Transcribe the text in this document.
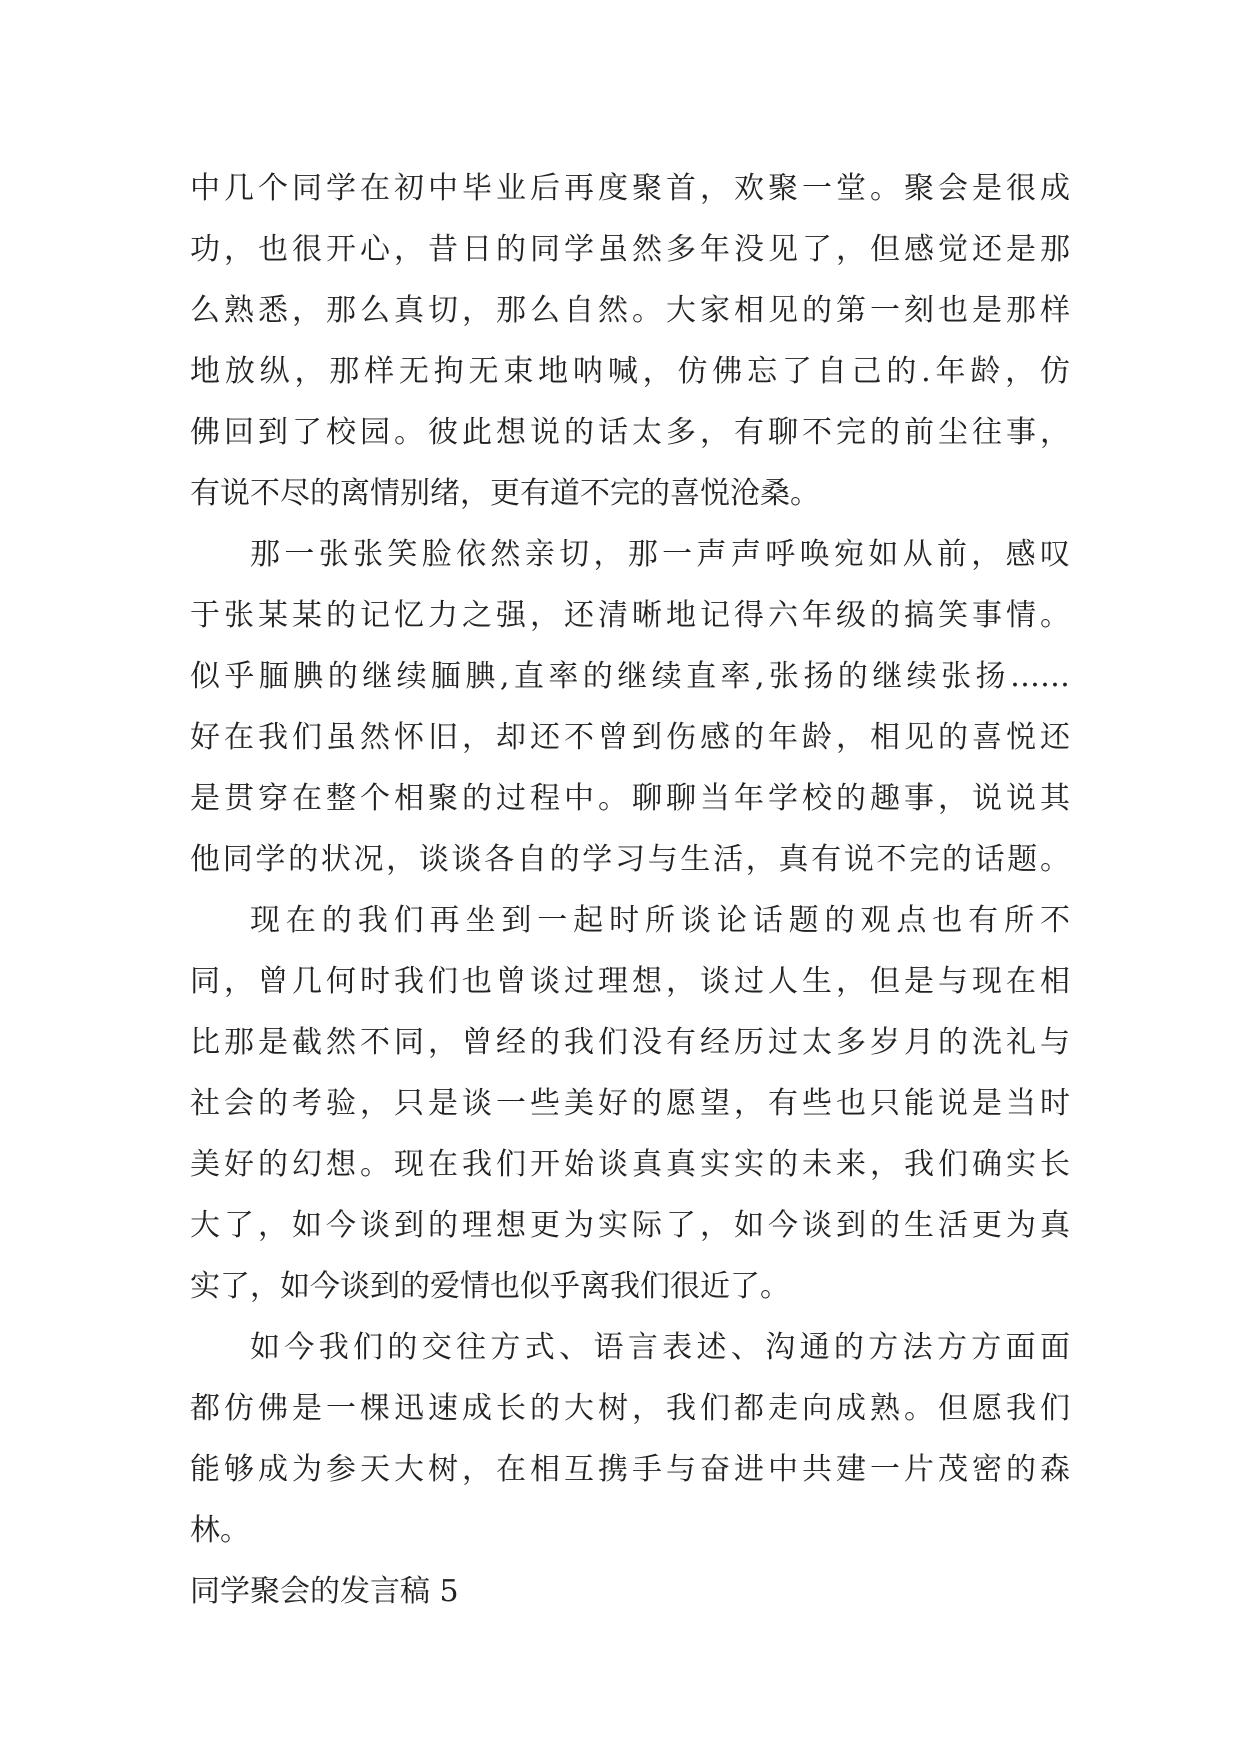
中几个同学在初中毕业后再度聚首，欢聚一堂。聚会是很成
功，也很开心，昔日的同学虽然多年没见了，但感觉还是那
么熟悉，那么真切，那么自然。大家相见的第一刻也是那样
地放纵，那样无拘无束地呐喊，仿佛忘了自己的.年龄，仿
佛回到了校园。彼此想说的话太多，有聊不完的前尘往事，
有说不尽的离情别绪，更有道不完的喜悦沧桑。
那一张张笑脸依然亲切，那一声声呼唤宛如从前，感叹
于张某某的记忆力之强，还清晰地记得六年级的搞笑事情。
似乎腼腆的继续腼腆,直率的继续直率,张扬的继续张扬……
好在我们虽然怀旧，却还不曾到伤感的年龄，相见的喜悦还
是贯穿在整个相聚的过程中。聊聊当年学校的趣事，说说其
他同学的状况，谈谈各自的学习与生活，真有说不完的话题。
现在的我们再坐到一起时所谈论话题的观点也有所不
同，曾几何时我们也曾谈过理想，谈过人生，但是与现在相
比那是截然不同，曾经的我们没有经历过太多岁月的洗礼与
社会的考验，只是谈一些美好的愿望，有些也只能说是当时
美好的幻想。现在我们开始谈真真实实的未来，我们确实长
大了，如今谈到的理想更为实际了，如今谈到的生活更为真
实了，如今谈到的爱情也似乎离我们很近了。
如今我们的交往方式、语言表述、沟通的方法方方面面
都仿佛是一棵迅速成长的大树，我们都走向成熟。但愿我们
能够成为参天大树，在相互携手与奋进中共建一片茂密的森
林。
同学聚会的发言稿 5
